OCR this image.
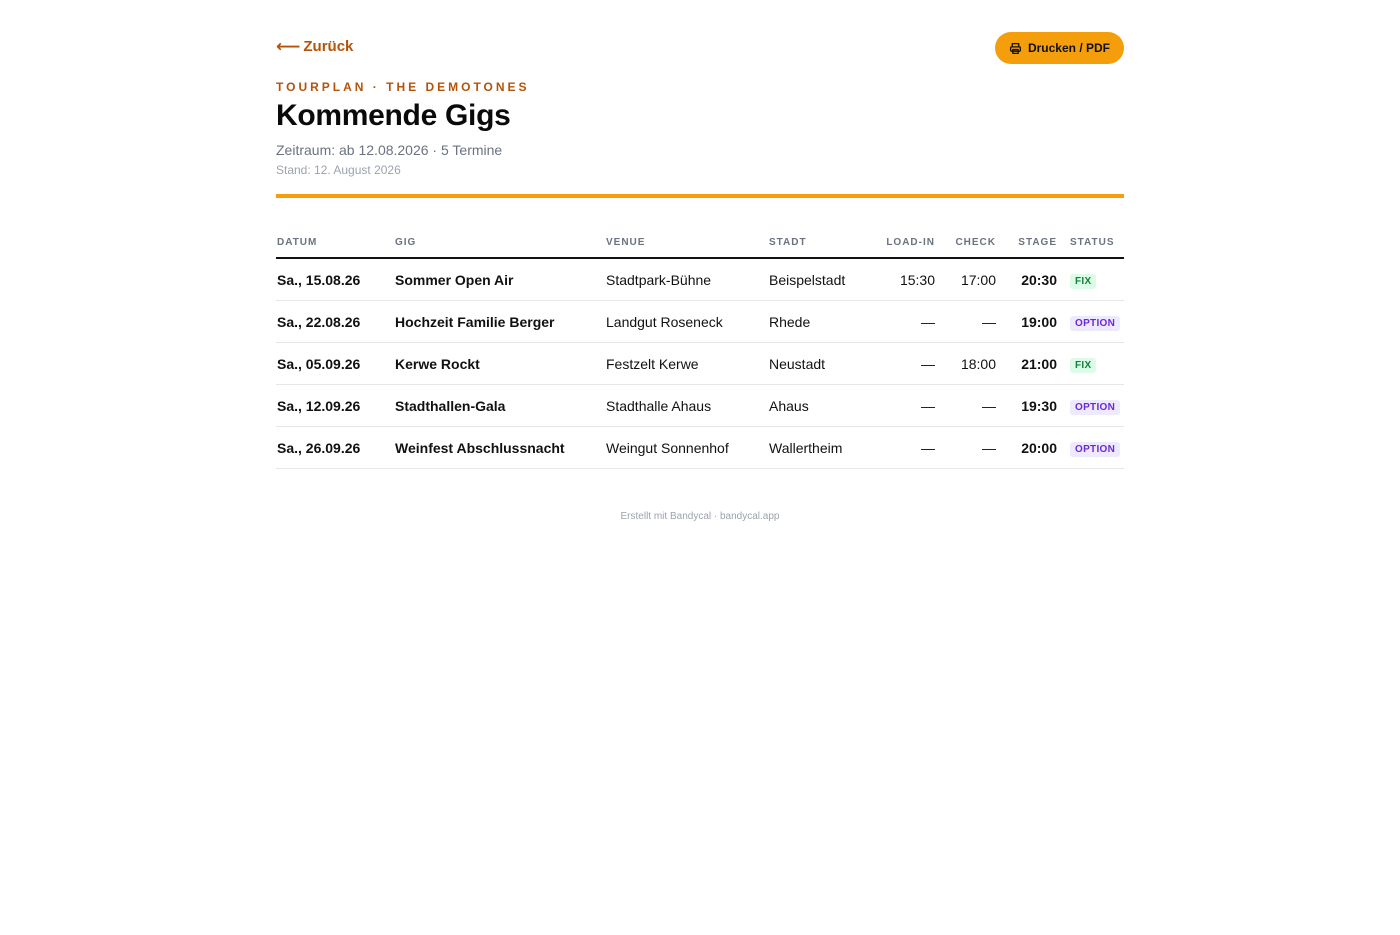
⟵ Zurück	Drucken / PDF
TOURPLAN · THE DEMOTONES
Kommende Gigs
Zeitraum: ab 12.08.2026 · 5 Termine
Stand: 12. August 2026
DATUM	GIG	VENUE	STADT	LOAD-IN	CHECK	STAGE	STATUS
Sa., 15.08.26	Sommer Open Air	Stadtpark-Bühne	Beispelstadt	15:30	17:00	20:30	FIX
Sa., 22.08.26	Hochzeit Familie Berger	Landgut Roseneck	Rhede	—	—	19:00	OPTION
Sa., 05.09.26	Kerwe Rockt	Festzelt Kerwe	Neustadt	—	18:00	21:00	FIX
Sa., 12.09.26	Stadthallen-Gala	Stadthalle Ahaus	Ahaus	—	—	19:30	OPTION
Sa., 26.09.26	Weinfest Abschlussnacht	Weingut Sonnenhof	Wallertheim	—	—	20:00	OPTION
Erstellt mit Bandycal · bandycal.app
